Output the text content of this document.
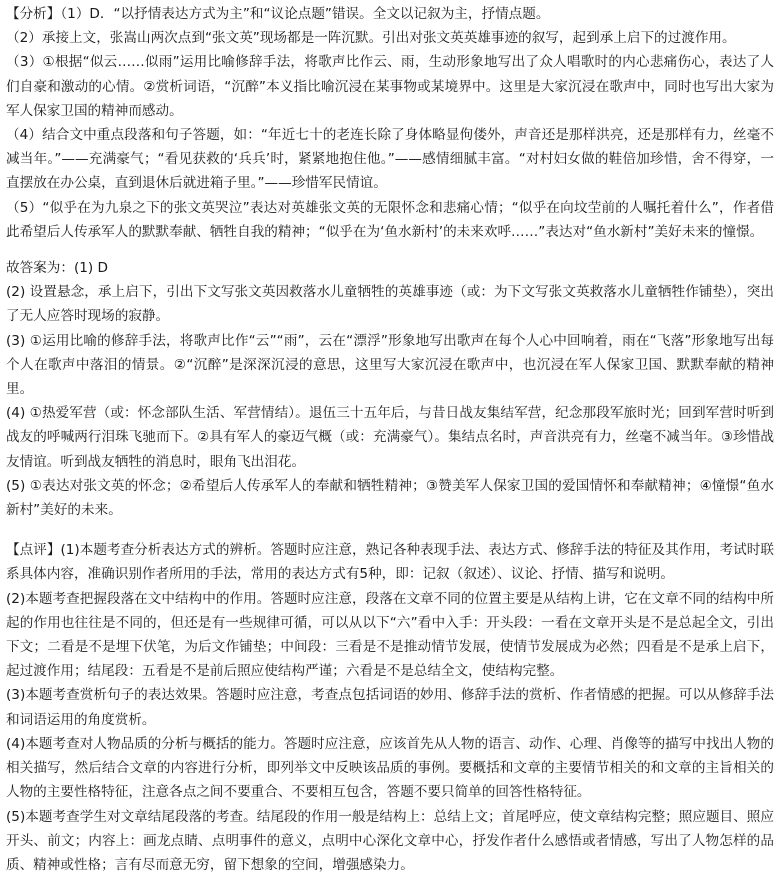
【分析】（1）D．“以抒情表达方式为主”和“议论点题”错误。全文以记叙为主，抒情点题。

（2）承接上文，张嵩山两次点到“张文英”现场都是一阵沉默。引出对张文英英雄事迹的叙写，起到承上启下的过渡作用。

（3）①根据“似云……似雨”运用比喻修辞手法，将歌声比作云、雨，生动形象地写出了众人唱歌时的内心悲痛伤心，表达了人们自豪和激动的心情。②赏析词语，“沉醉”本义指比喻沉浸在某事物或某境界中。这里是大家沉浸在歌声中，同时也写出大家为军人保家卫国的精神而感动。

（4）结合文中重点段落和句子答题，如：“年近七十的老连长除了身体略显佝偻外，声音还是那样洪亮，还是那样有力，丝毫不减当年。”——充满豪气；“看见获救的‘兵兵’时，紧紧地抱住他。”——感情细腻丰富。“对村妇女做的鞋倍加珍惜，舍不得穿，一直摆放在办公桌，直到退休后就进箱子里。”——珍惜军民情谊。

（5）“似乎在为九泉之下的张文英哭泣”表达对英雄张文英的无限怀念和悲痛心情；“似乎在向坟茔前的人嘱托着什么”，作者借此希望后人传承军人的默默奉献、牺牲自我的精神；“似乎在为‘鱼水新村’的未来欢呼……”表达对“鱼水新村”美好未来的憧憬。

故答案为：(1) D

(2) 设置悬念，承上启下，引出下文写张文英因救落水儿童牺牲的英雄事迹（或：为下文写张文英救落水儿童牺牲作铺垫），突出了无人应答时现场的寂静。

(3) ①运用比喻的修辞手法，将歌声比作“云”“雨”，云在“漂浮”形象地写出歌声在每个人心中回响着，雨在“飞落”形象地写出每个人在歌声中落泪的情景。②“沉醉”是深深沉浸的意思，这里写大家沉浸在歌声中，也沉浸在军人保家卫国、默默奉献的精神里。

(4) ①热爱军营（或：怀念部队生活、军营情结）。退伍三十五年后，与昔日战友集结军营，纪念那段军旅时光；回到军营时听到战友的呼喊两行泪珠飞驰而下。②具有军人的豪迈气概（或：充满豪气）。集结点名时，声音洪亮有力，丝毫不减当年。③珍惜战友情谊。听到战友牺牲的消息时，眼角飞出泪花。

(5) ①表达对张文英的怀念；②希望后人传承军人的奉献和牺牲精神；③赞美军人保家卫国的爱国情怀和奉献精神；④憧憬“鱼水新村”美好的未来。

【点评】(1)本题考查分析表达方式的辨析。答题时应注意，熟记各种表现手法、表达方式、修辞手法的特征及其作用，考试时联系具体内容，准确识别作者所用的手法，常用的表达方式有5种，即：记叙（叙述）、议论、抒情、描写和说明。

(2)本题考查把握段落在文中结构中的作用。答题时应注意，段落在文章不同的位置主要是从结构上讲，它在文章不同的结构中所起的作用也往往是不同的，但还是有一些规律可循，可以从以下“六”看中入手：开头段：一看在文章开头是不是总起全文，引出下文；二看是不是埋下伏笔，为后文作铺垫；中间段：三看是不是推动情节发展，使情节发展成为必然；四看是不是承上启下，起过渡作用；结尾段：五看是不是前后照应使结构严谨；六看是不是总结全文，使结构完整。

(3)本题考查赏析句子的表达效果。答题时应注意，考查点包括词语的妙用、修辞手法的赏析、作者情感的把握。可以从修辞手法和词语运用的角度赏析。

(4)本题考查对人物品质的分析与概括的能力。答题时应注意，应该首先从人物的语言、动作、心理、肖像等的描写中找出人物的相关描写，然后结合文章的内容进行分析，即列举文中反映该品质的事例。要概括和文章的主要情节相关的和文章的主旨相关的人物的主要性格特征，注意各点之间不要重合、不要相互包含，答题不要只简单的回答性格特征。

(5)本题考查学生对文章结尾段落的考查。结尾段的作用一般是结构上：总结上文；首尾呼应，使文章结构完整；照应题目、照应开头、前文；内容上：画龙点睛、点明事件的意义，点明中心深化文章中心，抒发作者什么感悟或者情感，写出了人物怎样的品质、精神或性格；言有尽而意无穷，留下想象的空间，增强感染力。
